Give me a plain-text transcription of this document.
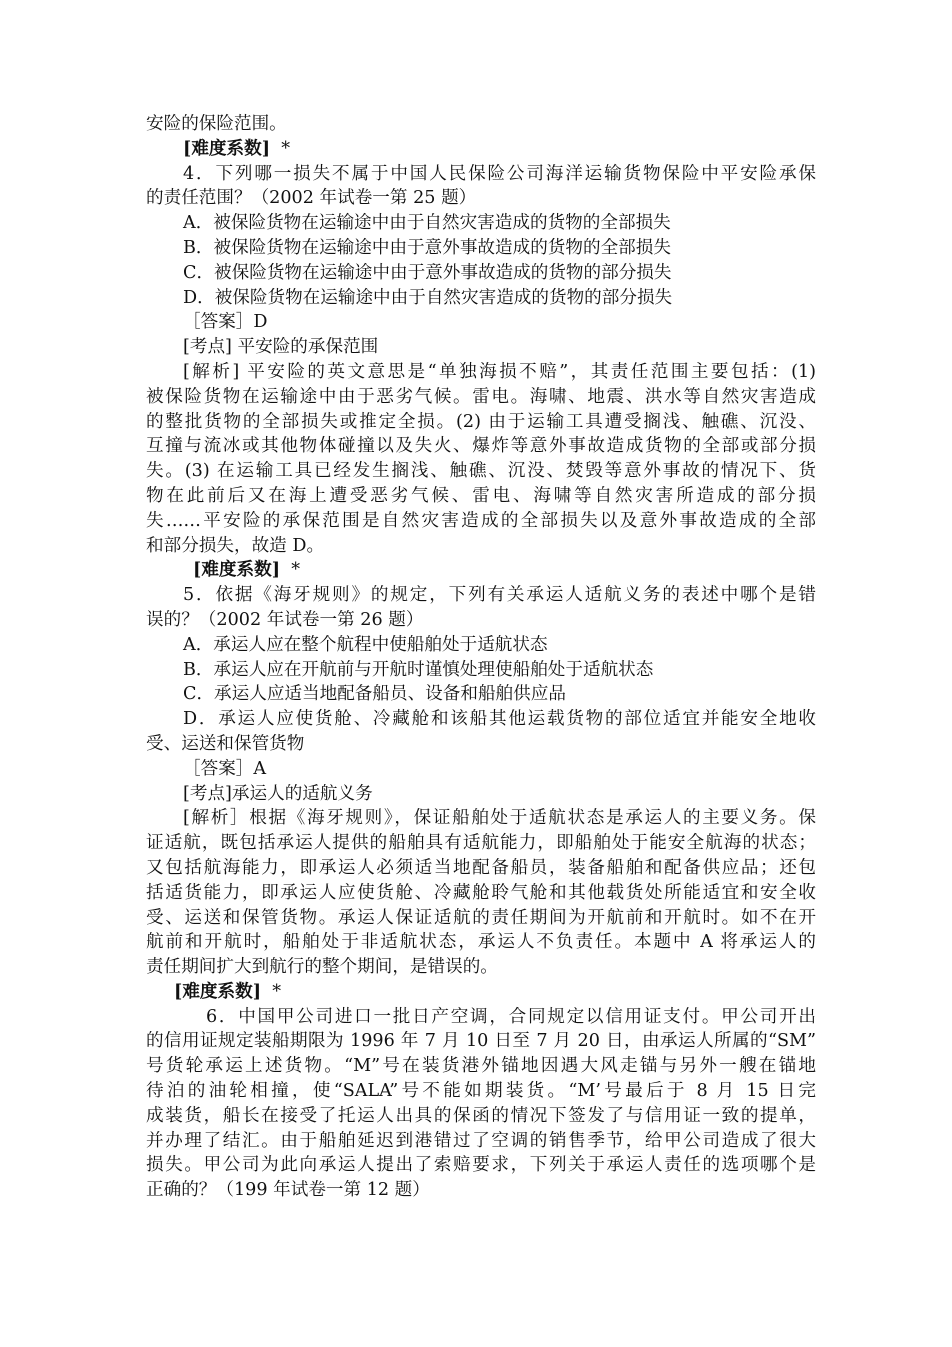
安险的保险范围。
[难度系数] *
4．下列哪一损失不属于中国人民保险公司海洋运输货物保险中平安险承保
的责任范围？（2002 年试卷一第 25 题）
A．被保险货物在运输途中由于自然灾害造成的货物的全部损失
B．被保险货物在运输途中由于意外事故造成的货物的全部损失
C．被保险货物在运输途中由于意外事故造成的货物的部分损失
D．被保险货物在运输途中由于自然灾害造成的货物的部分损失
［答案］D
[考点] 平安险的承保范围
[解析] 平安险的英文意思是“单独海损不赔”，其责任范围主要包括：(1)
被保险货物在运输途中由于恶劣气候。雷电。海啸、地震、洪水等自然灾害造成
的整批货物的全部损失或推定全损。(2) 由于运输工具遭受搁浅、触礁、沉没、
互撞与流冰或其他物体碰撞以及失火、爆炸等意外事故造成货物的全部或部分损
失。(3) 在运输工具已经发生搁浅、触礁、沉没、焚毁等意外事故的情况下、货
物在此前后又在海上遭受恶劣气候、雷电、海啸等自然灾害所造成的部分损
失……平安险的承保范围是自然灾害造成的全部损失以及意外事故造成的全部
和部分损失，故造 D。
[难度系数] *
5．依据《海牙规则》的规定，下列有关承运人适航义务的表述中哪个是错
误的？（2002 年试卷一第 26 题）
A．承运人应在整个航程中使船舶处于适航状态
B．承运人应在开航前与开航时谨慎处理使船舶处于适航状态
C．承运人应适当地配备船员、设备和船舶供应品
D．承运人应使货舱、冷藏舱和该船其他运载货物的部位适宜并能安全地收
受、运送和保管货物
［答案］A
[考点]承运人的适航义务
[解析］根据《海牙规则》，保证船舶处于适航状态是承运人的主要义务。保
证适航，既包括承运人提供的船舶具有适航能力，即船舶处于能安全航海的状态；
又包括航海能力，即承运人必须适当地配备船员，装备船舶和配备供应品；还包
括适货能力，即承运人应使货舱、冷藏舱聆气舱和其他载货处所能适宜和安全收
受、运送和保管货物。承运人保证适航的责任期间为开航前和开航时。如不在开
航前和开航时，船舶处于非适航状态，承运人不负责任。本题中 A 将承运人的
责任期间扩大到航行的整个期间，是错误的。
[难度系数] *
6．中国甲公司进口一批日产空调，合同规定以信用证支付。甲公司开出
的信用证规定装船期限为 1996 年 7 月 10 日至 7 月 20 日，由承运人所属的“SM”
号货轮承运上述货物。“M”号在装货港外锚地因遇大风走锚与另外一艘在锚地
待泊的油轮相撞，使“SALA”号不能如期装货。“M’号最后于 8 月 15 日完
成装货，船长在接受了托运人出具的保函的情况下签发了与信用证一致的提单，
并办理了结汇。由于船舶延迟到港错过了空调的销售季节，给甲公司造成了很大
损失。甲公司为此向承运人提出了索赔要求，下列关于承运人责任的选项哪个是
正确的？（199 年试卷一第 12 题）
